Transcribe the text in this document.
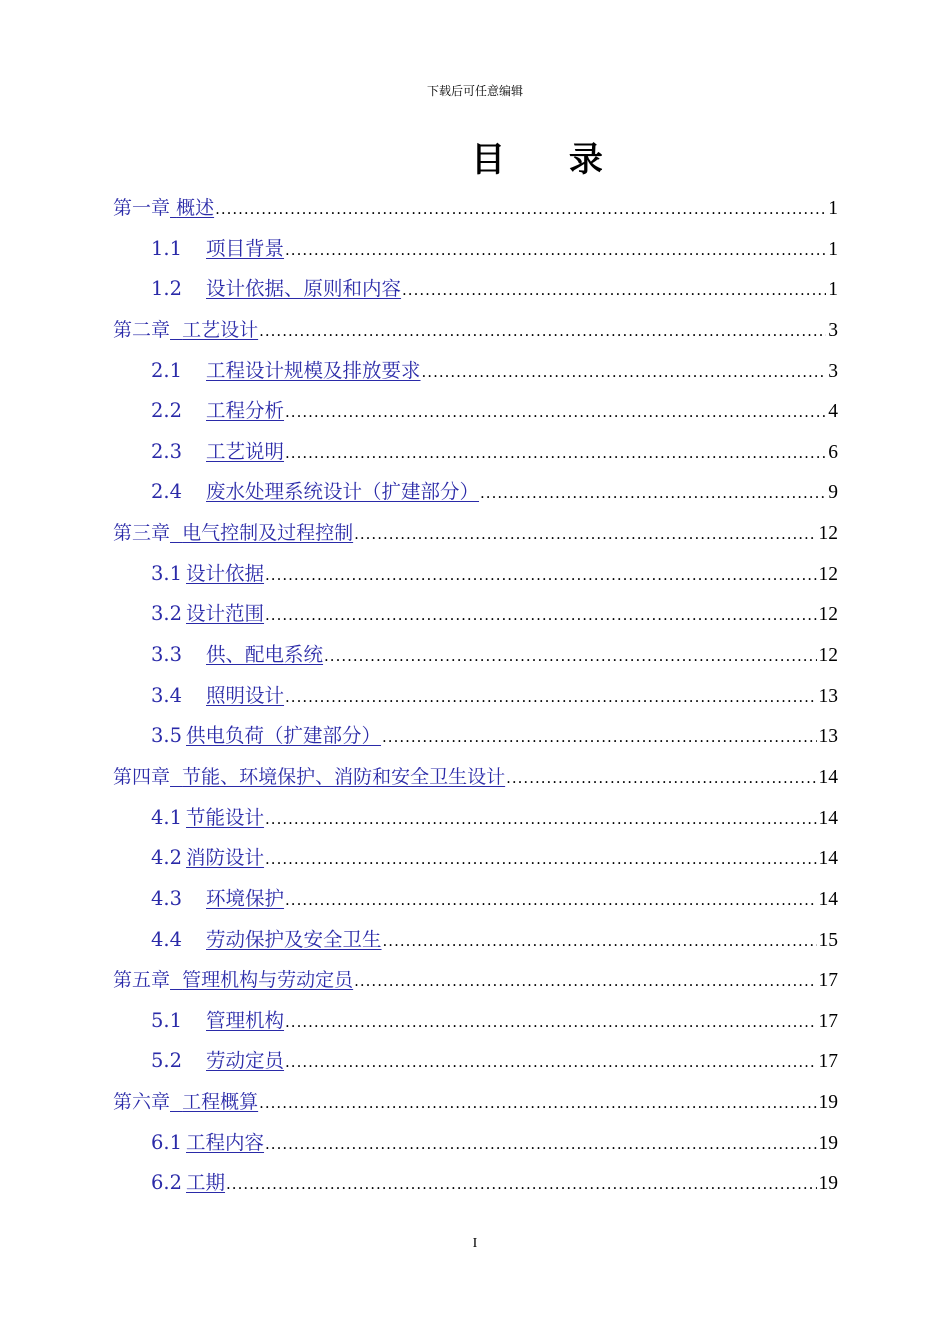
下载后可任意编辑
目 录
第一章 概述 .....	1
1.1 项目背景 .....	1
1.2 设计依据、原则和内容 .....	1
第二章 工艺设计 .....	3
2.1 工程设计规模及排放要求 .....	3
2.2 工程分析 .....	4
2.3 工艺说明 .....	6
2.4 废水处理系统设计（扩建部分） .....	9
第三章 电气控制及过程控制 .....	12
3.1 设计依据 .....	12
3.2 设计范围 .....	12
3.3 供、配电系统 .....	12
3.4 照明设计 .....	13
3.5 供电负荷（扩建部分） .....	13
第四章 节能、环境保护、消防和安全卫生设计 .....	14
4.1 节能设计 .....	14
4.2 消防设计 .....	14
4.3 环境保护 .....	14
4.4 劳动保护及安全卫生 .....	15
第五章 管理机构与劳动定员 .....	17
5.1 管理机构 .....	17
5.2 劳动定员 .....	17
第六章 工程概算 .....	19
6.1 工程内容 .....	19
6.2 工期 .....	19
I
